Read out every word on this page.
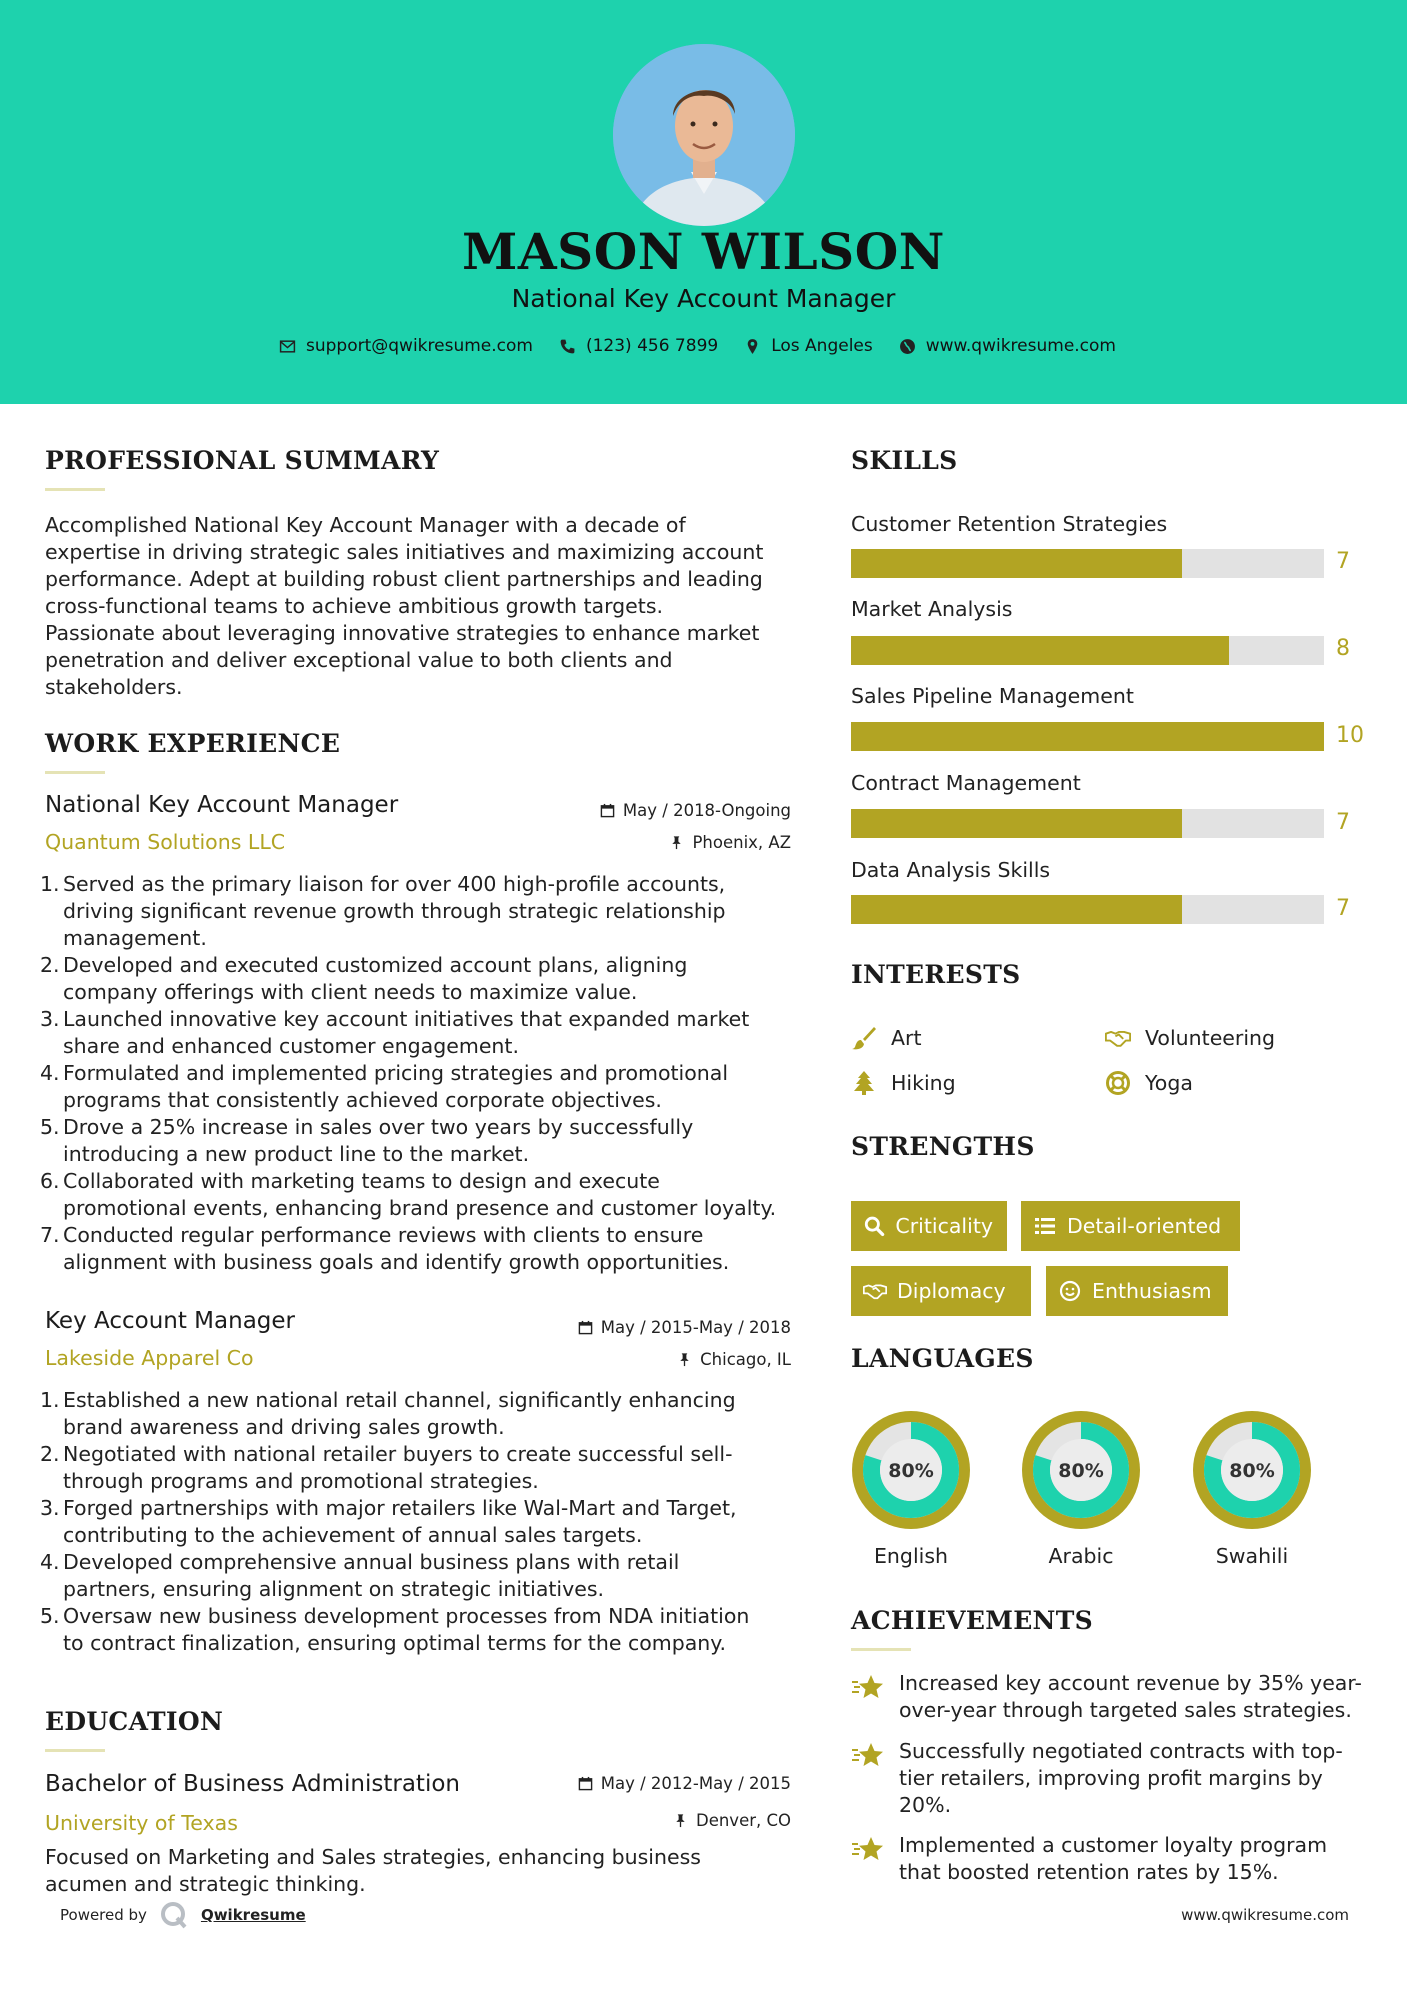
MASON WILSON
National Key Account Manager
support@qwikresume.com	(123) 456 7899	Los Angeles	www.qwikresume.com
PROFESSIONAL SUMMARY
Accomplished National Key Account Manager with a decade of
expertise in driving strategic sales initiatives and maximizing account
performance. Adept at building robust client partnerships and leading
cross-functional teams to achieve ambitious growth targets.
Passionate about leveraging innovative strategies to enhance market
penetration and deliver exceptional value to both clients and
stakeholders.
WORK EXPERIENCE
National Key Account Manager	May / 2018-Ongoing
Quantum Solutions LLC	Phoenix, AZ
1. Served as the primary liaison for over 400 high-profile accounts,
driving significant revenue growth through strategic relationship
management.
2. Developed and executed customized account plans, aligning
company offerings with client needs to maximize value.
3. Launched innovative key account initiatives that expanded market
share and enhanced customer engagement.
4. Formulated and implemented pricing strategies and promotional
programs that consistently achieved corporate objectives.
5. Drove a 25% increase in sales over two years by successfully
introducing a new product line to the market.
6. Collaborated with marketing teams to design and execute
promotional events, enhancing brand presence and customer loyalty.
7. Conducted regular performance reviews with clients to ensure
alignment with business goals and identify growth opportunities.
Key Account Manager	May / 2015-May / 2018
Lakeside Apparel Co	Chicago, IL
1. Established a new national retail channel, significantly enhancing
brand awareness and driving sales growth.
2. Negotiated with national retailer buyers to create successful sell-
through programs and promotional strategies.
3. Forged partnerships with major retailers like Wal-Mart and Target,
contributing to the achievement of annual sales targets.
4. Developed comprehensive annual business plans with retail
partners, ensuring alignment on strategic initiatives.
5. Oversaw new business development processes from NDA initiation
to contract finalization, ensuring optimal terms for the company.
EDUCATION
Bachelor of Business Administration	May / 2012-May / 2015
University of Texas	Denver, CO
Focused on Marketing and Sales strategies, enhancing business
acumen and strategic thinking.
Powered by	Qwikresume
SKILLS
Customer Retention Strategies
7
Market Analysis
8
Sales Pipeline Management
10
Contract Management
7
Data Analysis Skills
7
INTERESTS
Art	Volunteering
Hiking	Yoga
STRENGTHS
Criticality	Detail-oriented
Diplomacy	Enthusiasm
LANGUAGES
80%
English
80%
Arabic
80%
Swahili
ACHIEVEMENTS
Increased key account revenue by 35% year-
over-year through targeted sales strategies.
Successfully negotiated contracts with top-
tier retailers, improving profit margins by
20%.
Implemented a customer loyalty program
that boosted retention rates by 15%.
www.qwikresume.com
